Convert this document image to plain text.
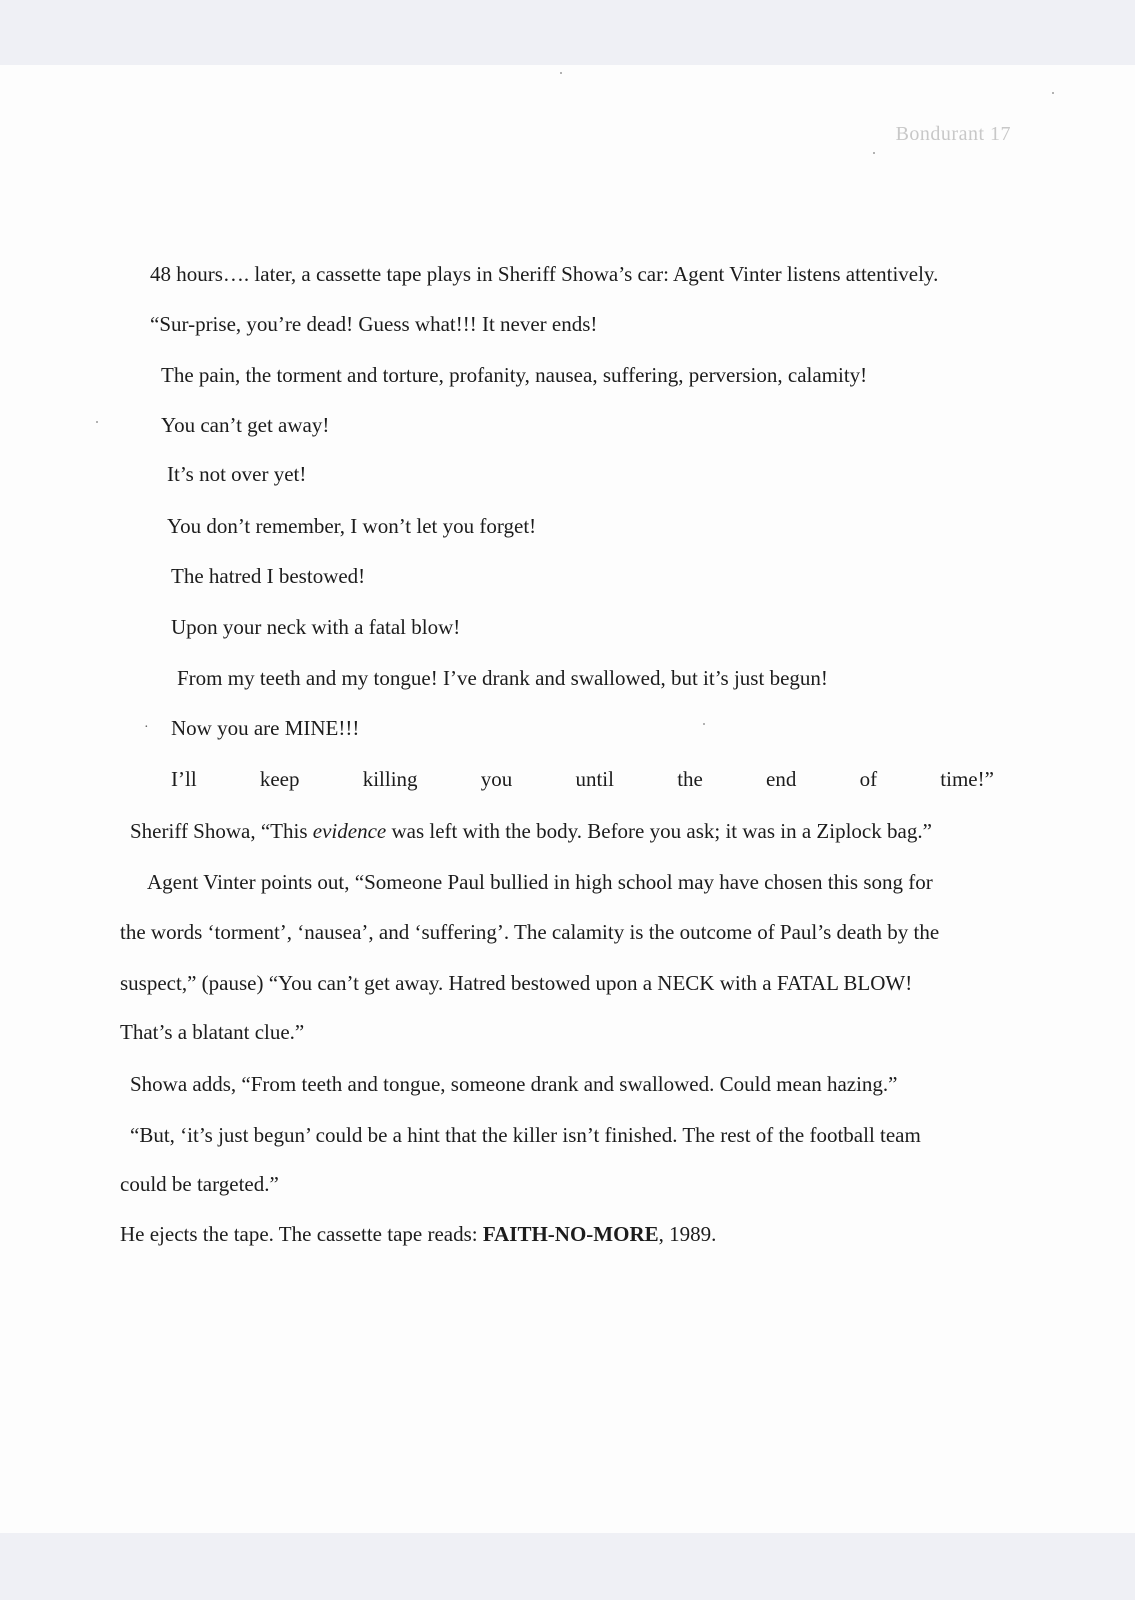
Bondurant 17
48 hours…. later, a cassette tape plays in Sheriff Showa’s car: Agent Vinter listens attentively.
“Sur-prise, you’re dead! Guess what!!! It never ends!
The pain, the torment and torture, profanity, nausea, suffering, perversion, calamity!
You can’t get away!
It’s not over yet!
You don’t remember, I won’t let you forget!
The hatred I bestowed!
Upon your neck with a fatal blow!
From my teeth and my tongue! I’ve drank and swallowed, but it’s just begun!
· Now you are MINE!!!
I’ll	keep	killing	you	until	the	end	of	time!”
Sheriff Showa, “This evidence was left with the body. Before you ask; it was in a Ziplock bag.”
Agent Vinter points out, “Someone Paul bullied in high school may have chosen this song for
the words ‘torment’, ‘nausea’, and ‘suffering’. The calamity is the outcome of Paul’s death by the
suspect,” (pause) “You can’t get away. Hatred bestowed upon a NECK with a FATAL BLOW!
That’s a blatant clue.”
Showa adds, “From teeth and tongue, someone drank and swallowed. Could mean hazing.”
“But, ‘it’s just begun’ could be a hint that the killer isn’t finished. The rest of the football team
could be targeted.”
He ejects the tape. The cassette tape reads: FAITH-NO-MORE, 1989.
